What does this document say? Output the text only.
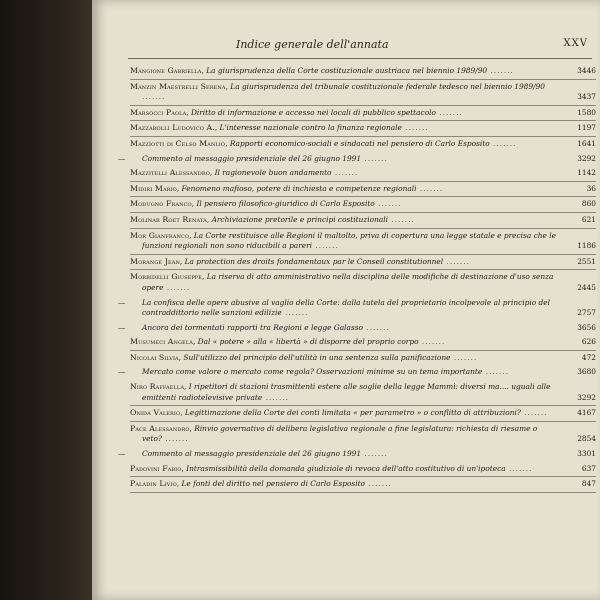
Indice generale dell'annata	XXV
Mangione Gabriella, La giurisprudenza della Corte costituzionale austriaca nel biennio 1989/90 .......	3446
Manzin Maestrelli Serena, La giurisprudenza del tribunale costituzionale federale tedesco nel biennio 1989/90 .......	3437
Marsocci Paola, Diritto di informazione e accesso nei locali di pubblico spettacolo .......	1580
Mazzarolli Ludovico A., L'interesse nazionale contro la finanza regionale .......	1197
Mazziotti di Celso Manlio, Rapporti economico-sociali e sindacati nel pensiero di Carlo Esposito .......	1641
— Commento al messaggio presidenziale del 26 giugno 1991 .......	3292
Mazzitelli Alessandro, Il ragionevole buon andamento .......	1142
Midiri Mario, Fenomeno mafioso, potere di inchiesta e competenze regionali .......	36
Modugno Franco, Il pensiero filosofico-giuridico di Carlo Esposito .......	860
Molinar Roet Renata, Archiviazione pretorile e principi costituzionali .......	621
Mor Gianfranco, La Corte restituisce alle Regioni il maltolto, priva di copertura una legge statale e precisa che le funzioni regionali non sono riducibili a pareri .......	1186
Morange Jean, La protection des droits fondamentaux par le Conseil constitutionnel .......	2551
Morbidelli Giuseppe, La riserva di atto amministrativo nella disciplina delle modifiche di destinazione d'uso senza opere .......	2445
— La confisca delle opere abusive al vaglio della Corte: dalla tutela del proprietario incolpevole al principio del contraddittorio nelle sanzioni edilizie .......	2757
— Ancora dei tormentati rapporti tra Regioni e legge Galasso .......	3656
Musumeci Angela, Dal « potere » alla « libertà » di disporre del proprio corpo .......	626
Nicolai Silvia, Sull'utilizzo del principio dell'utilità in una sentenza sulla panificazione .......	472
— Mercato come valore o mercato come regola? Osservazioni minime su un tema importante .......	3680
Niro Raffaella, I ripetitori di stazioni trasmittenti estere alle soglie della legge Mammì: diversi ma.... uguali alle emittenti radiotelevisive private .......	3292
Onida Valerio, Legittimazione della Corte dei conti limitata « per parametro » o conflitto di attribuzioni? .......	4167
Pace Alessandro, Rinvio governativo di delibera legislativa regionale a fine legislatura: richiesta di riesame o veto? .......	2854
— Commento al messaggio presidenziale del 26 giugno 1991 .......	3301
Padovini Fabio, Intrasmissibilità della domanda giudiziale di revoca dell'atto costitutivo di un'ipoteca .......	637
Paladin Livio, Le fonti del diritto nel pensiero di Carlo Esposito .......	847
